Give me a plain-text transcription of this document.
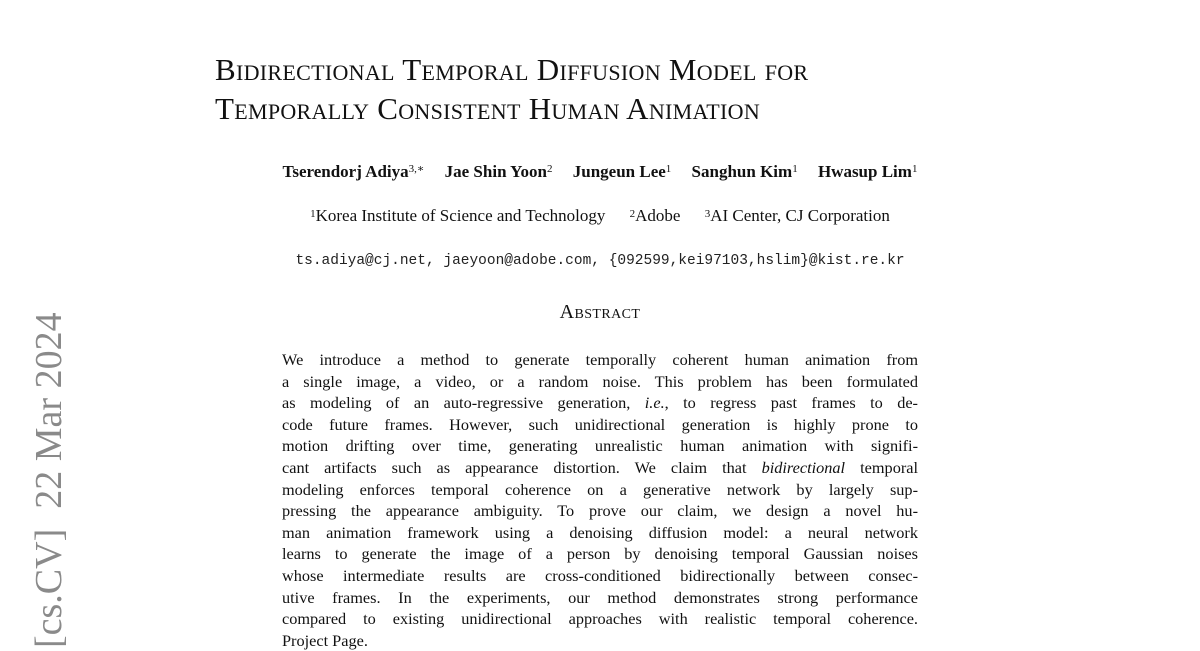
[cs.CV]22 Mar 2024
Bidirectional Temporal Diffusion Model for
Temporally Consistent Human Animation
Tserendorj Adiya$^{3,∗}$ Jae Shin Yoon$^2$ Jungeun Lee$^1$ Sanghun Kim$^1$ Hwasup Lim$^1$
$^1$Korea Institute of Science and Technology $^2$Adobe $^3$AI Center, CJ Corporation
ts.adiya@cj.net, jaeyoon@adobe.com, {092599,kei97103,hslim}@kist.re.kr
Abstract
We introduce a method to generate temporally coherent human animation from
a single image, a video, or a random noise. This problem has been formulated
as modeling of an auto-regressive generation, i.e., to regress past frames to de-
code future frames. However, such unidirectional generation is highly prone to
motion drifting over time, generating unrealistic human animation with signifi-
cant artifacts such as appearance distortion. We claim that bidirectional temporal
modeling enforces temporal coherence on a generative network by largely sup-
pressing the appearance ambiguity. To prove our claim, we design a novel hu-
man animation framework using a denoising diffusion model: a neural network
learns to generate the image of a person by denoising temporal Gaussian noises
whose intermediate results are cross-conditioned bidirectionally between consec-
utive frames. In the experiments, our method demonstrates strong performance
compared to existing unidirectional approaches with realistic temporal coherence.
Project Page.
